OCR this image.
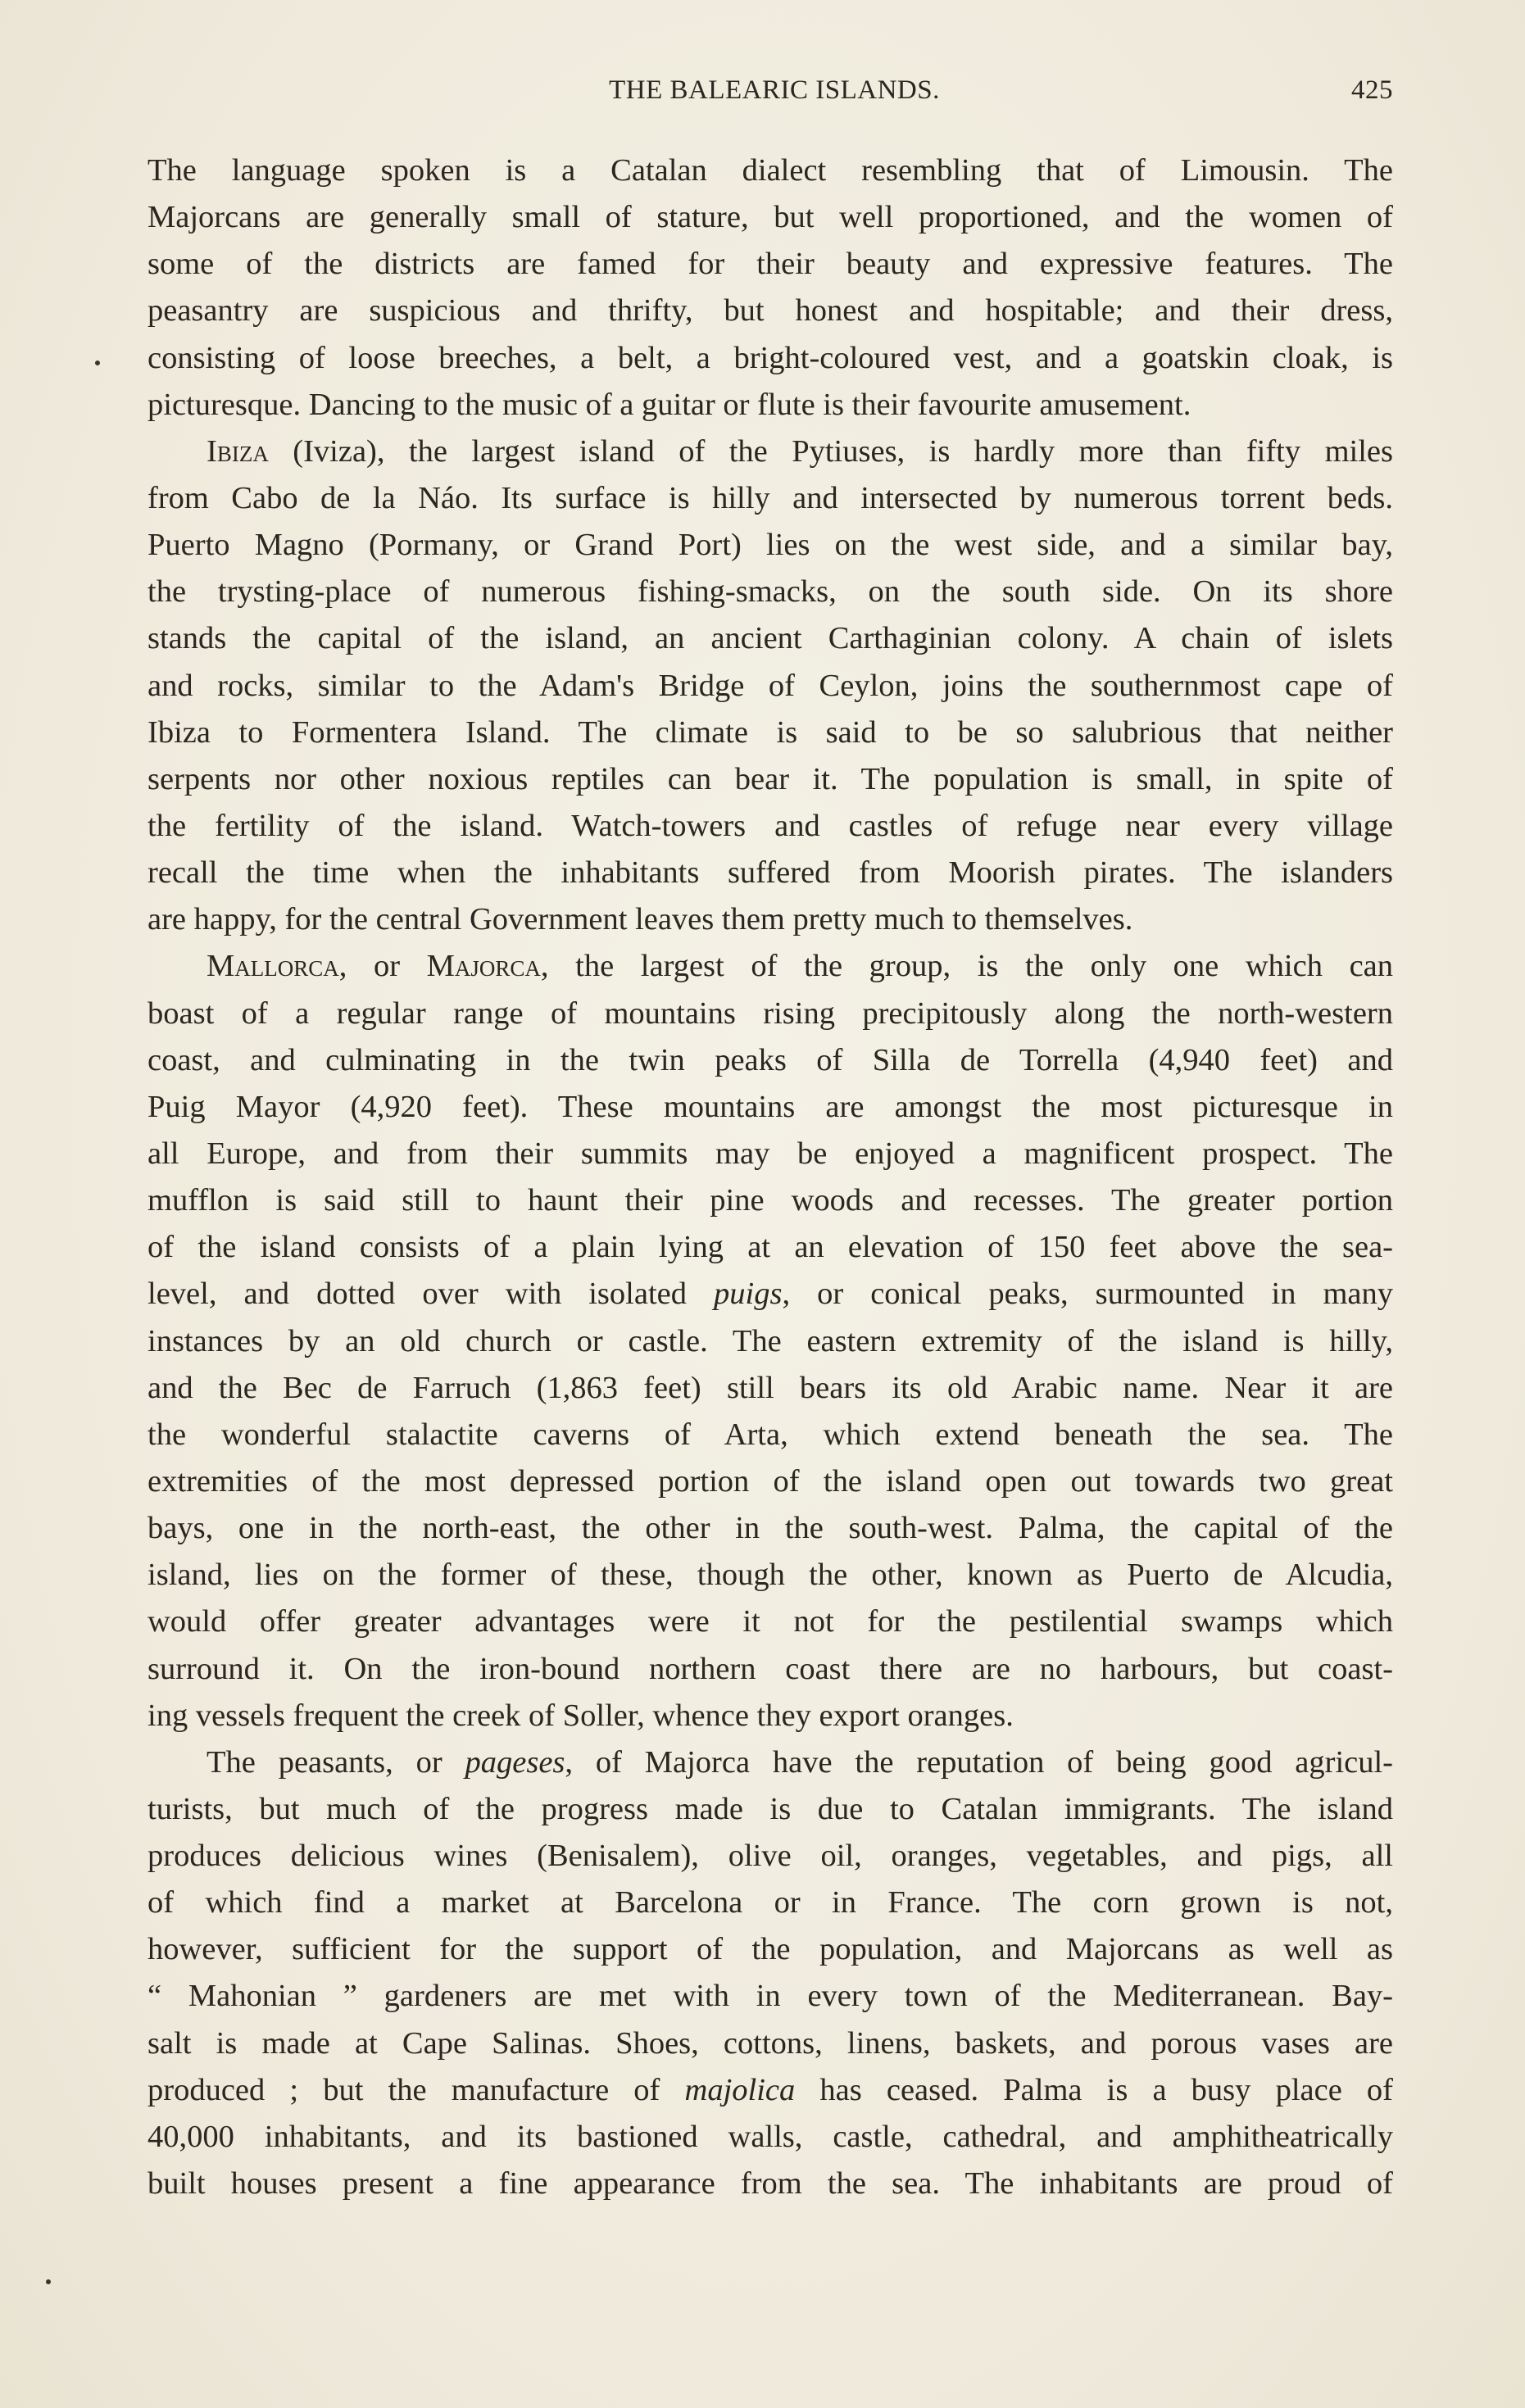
THE BALEARIC ISLANDS.	425
The language spoken is a Catalan dialect resembling that of Limousin. The
Majorcans are generally small of stature, but well proportioned, and the women of
some of the districts are famed for their beauty and expressive features. The
peasantry are suspicious and thrifty, but honest and hospitable; and their dress,
consisting of loose breeches, a belt, a bright-coloured vest, and a goatskin cloak, is
picturesque. Dancing to the music of a guitar or flute is their favourite amusement.
Ibiza (Iviza), the largest island of the Pytiuses, is hardly more than fifty miles
from Cabo de la Náo. Its surface is hilly and intersected by numerous torrent beds.
Puerto Magno (Pormany, or Grand Port) lies on the west side, and a similar bay,
the trysting-place of numerous fishing-smacks, on the south side. On its shore
stands the capital of the island, an ancient Carthaginian colony. A chain of islets
and rocks, similar to the Adam's Bridge of Ceylon, joins the southernmost cape of
Ibiza to Formentera Island. The climate is said to be so salubrious that neither
serpents nor other noxious reptiles can bear it. The population is small, in spite of
the fertility of the island. Watch-towers and castles of refuge near every village
recall the time when the inhabitants suffered from Moorish pirates. The islanders
are happy, for the central Government leaves them pretty much to themselves.
Mallorca, or Majorca, the largest of the group, is the only one which can
boast of a regular range of mountains rising precipitously along the north-western
coast, and culminating in the twin peaks of Silla de Torrella (4,940 feet) and
Puig Mayor (4,920 feet). These mountains are amongst the most picturesque in
all Europe, and from their summits may be enjoyed a magnificent prospect. The
mufflon is said still to haunt their pine woods and recesses. The greater portion
of the island consists of a plain lying at an elevation of 150 feet above the sea-
level, and dotted over with isolated puigs, or conical peaks, surmounted in many
instances by an old church or castle. The eastern extremity of the island is hilly,
and the Bec de Farruch (1,863 feet) still bears its old Arabic name. Near it are
the wonderful stalactite caverns of Arta, which extend beneath the sea. The
extremities of the most depressed portion of the island open out towards two great
bays, one in the north-east, the other in the south-west. Palma, the capital of the
island, lies on the former of these, though the other, known as Puerto de Alcudia,
would offer greater advantages were it not for the pestilential swamps which
surround it. On the iron-bound northern coast there are no harbours, but coast-
ing vessels frequent the creek of Soller, whence they export oranges.
The peasants, or pageses, of Majorca have the reputation of being good agricul-
turists, but much of the progress made is due to Catalan immigrants. The island
produces delicious wines (Benisalem), olive oil, oranges, vegetables, and pigs, all
of which find a market at Barcelona or in France. The corn grown is not,
however, sufficient for the support of the population, and Majorcans as well as
“ Mahonian ” gardeners are met with in every town of the Mediterranean. Bay-
salt is made at Cape Salinas. Shoes, cottons, linens, baskets, and porous vases are
produced ; but the manufacture of majolica has ceased. Palma is a busy place of
40,000 inhabitants, and its bastioned walls, castle, cathedral, and amphitheatrically
built houses present a fine appearance from the sea. The inhabitants are proud of
